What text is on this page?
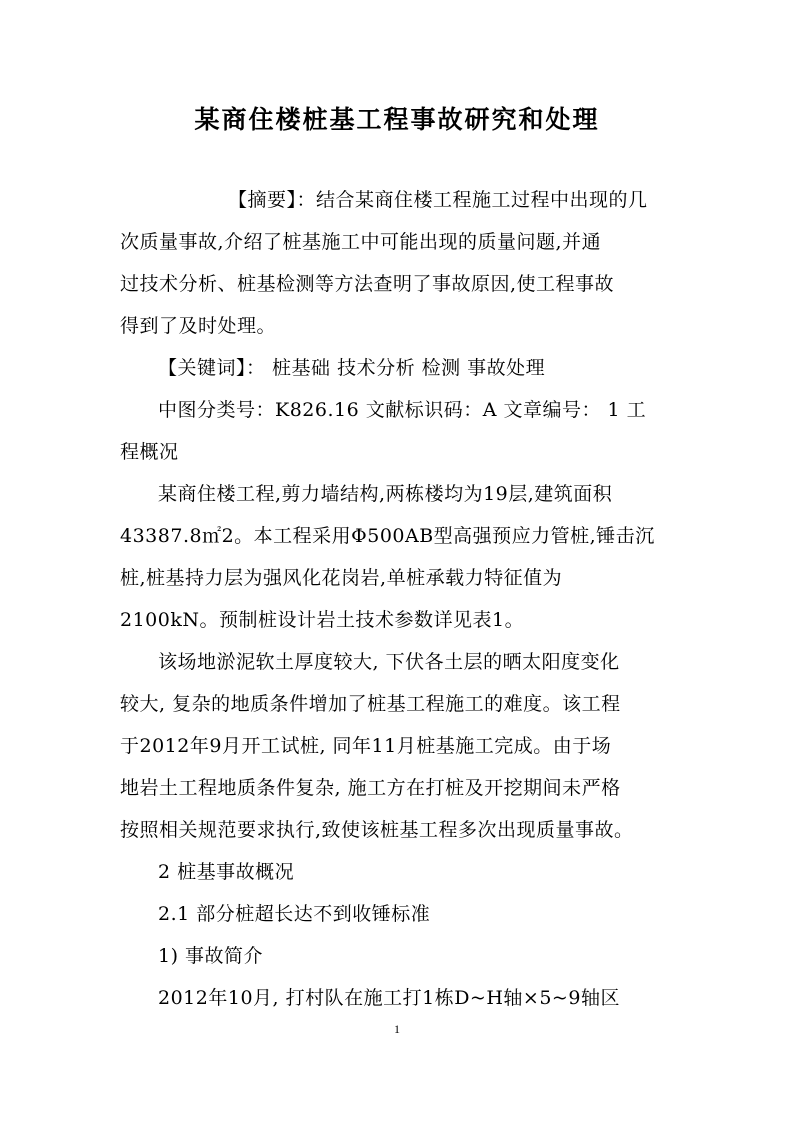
某商住楼桩基工程事故研究和处理
【摘要】：结合某商住楼工程施工过程中出现的几
次质量事故,介绍了桩基施工中可能出现的质量问题,并通
过技术分析、桩基检测等方法查明了事故原因,使工程事故
得到了及时处理。
【关键词】： 桩基础 技术分析 检测 事故处理
中图分类号：K826.16 文献标识码：A 文章编号： 1 工
程概况
某商住楼工程,剪力墙结构,两栋楼均为19层,建筑面积
43387.8㎡2。本工程采用Φ500AB型高强预应力管桩,锤击沉
桩,桩基持力层为强风化花岗岩,单桩承载力特征值为
2100kN。预制桩设计岩土技术参数详见表1。
该场地淤泥软土厚度较大, 下伏各土层的晒太阳度变化
较大, 复杂的地质条件增加了桩基工程施工的难度。该工程
于2012年9月开工试桩, 同年11月桩基施工完成。由于场
地岩土工程地质条件复杂, 施工方在打桩及开挖期间未严格
按照相关规范要求执行,致使该桩基工程多次出现质量事故。
2 桩基事故概况
2.1 部分桩超长达不到收锤标准
1) 事故简介
2012年10月, 打村队在施工打1栋D~H轴×5~9轴区
1
